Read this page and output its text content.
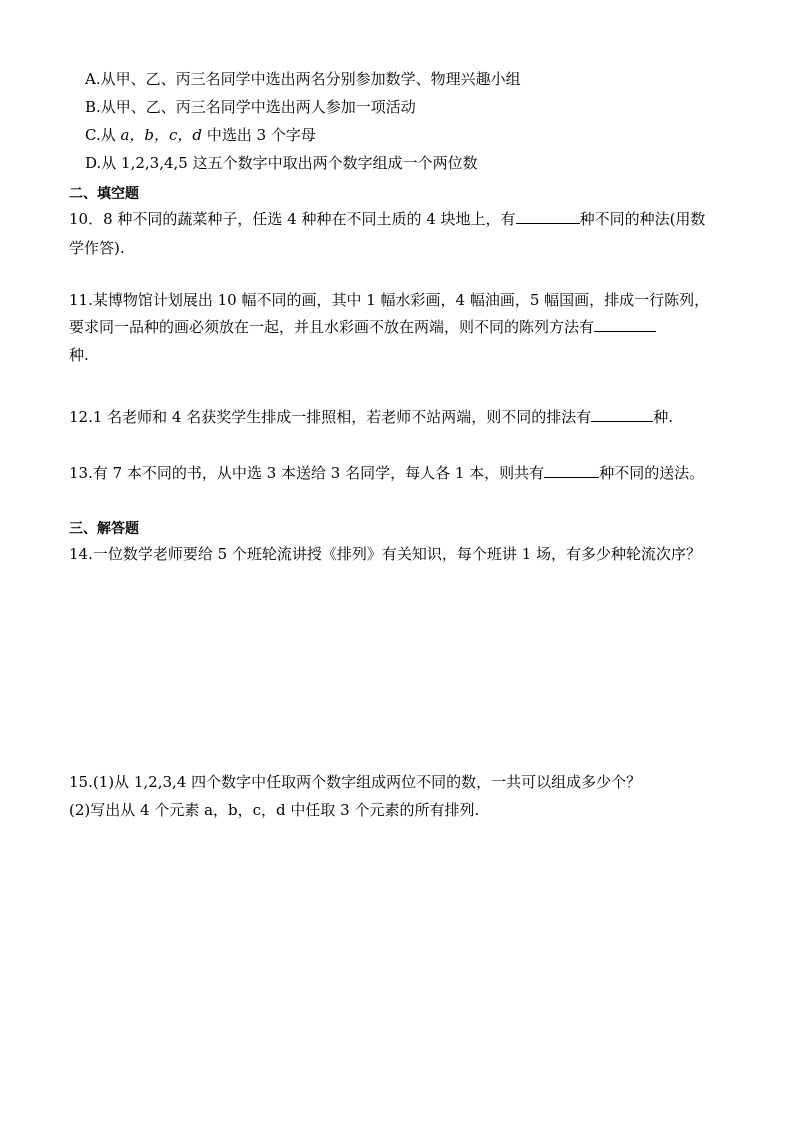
A.从甲、乙、丙三名同学中选出两名分别参加数学、物理兴趣小组
B.从甲、乙、丙三名同学中选出两人参加一项活动
C.从 a，b，c，d 中选出 3 个字母
D.从 1,2,3,4,5 这五个数字中取出两个数字组成一个两位数
二、填空题
10．8 种不同的蔬菜种子，任选 4 种种在不同土质的 4 块地上，有	种不同的种法(用数
学作答).
11.某博物馆计划展出 10 幅不同的画，其中 1 幅水彩画，4 幅油画，5 幅国画，排成一行陈列，
要求同一品种的画必须放在一起，并且水彩画不放在两端，则不同的陈列方法有
种.
12.1 名老师和 4 名获奖学生排成一排照相，若老师不站两端，则不同的排法有	种.
13.有 7 本不同的书，从中选 3 本送给 3 名同学，每人各 1 本，则共有	种不同的送法。
三、解答题
14.一位数学老师要给 5 个班轮流讲授《排列》有关知识，每个班讲 1 场，有多少种轮流次序？
15.(1)从 1,2,3,4 四个数字中任取两个数字组成两位不同的数，一共可以组成多少个？
(2)写出从 4 个元素 a，b，c，d 中任取 3 个元素的所有排列.
